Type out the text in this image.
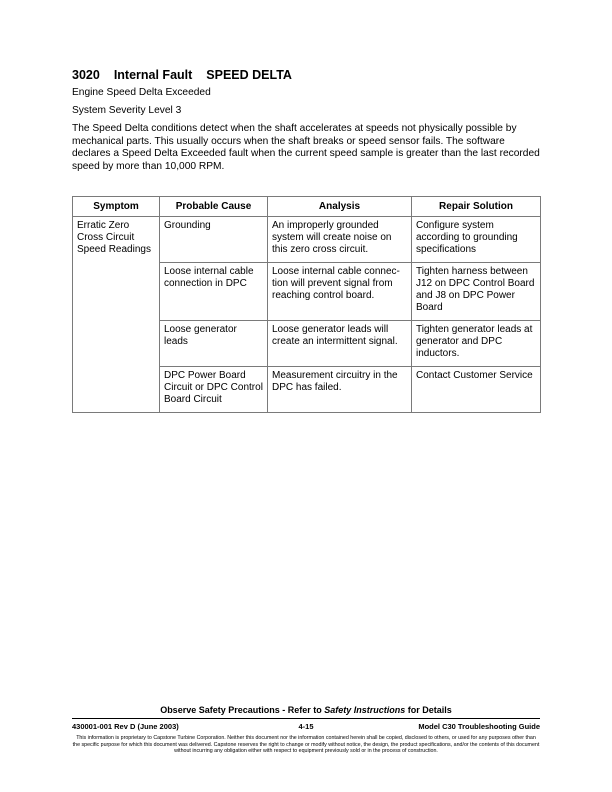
3020 Internal Fault SPEED DELTA

Engine Speed Delta Exceeded

System Severity Level 3

The Speed Delta conditions detect when the shaft accelerates at speeds not physically possible by mechanical parts. This usually occurs when the shaft breaks or speed sensor fails. The software declares a Speed Delta Exceeded fault when the current speed sample is greater than the last recorded speed by more than 10,000 RPM.

Symptom	Probable Cause	Analysis	Repair Solution
Erratic Zero Cross Circuit Speed Readings	Grounding	An improperly grounded system will create noise on this zero cross circuit.	Configure system according to grounding specifications
	Loose internal cable connection in DPC	Loose internal cable connec-tion will prevent signal from reaching control board.	Tighten harness between J12 on DPC Control Board and J8 on DPC Power Board
	Loose generator leads	Loose generator leads will create an intermittent signal.	Tighten generator leads at generator and DPC inductors.
	DPC Power Board Circuit or DPC Control Board Circuit	Measurement circuitry in the DPC has failed.	Contact Customer Service
Observe Safety Precautions - Refer to Safety Instructions for Details
4-15
430001-001 Rev D (June 2003)	Model C30 Troubleshooting Guide

This information is proprietary to Capstone Turbine Corporation. Neither this document nor the information contained herein shall be copied, disclosed to others, or used for any purposes other than the specific purpose for which this document was delivered. Capstone reserves the right to change or modify without notice, the design, the product specifications, and/or the contents of this document without incurring any obligation either with respect to equipment previously sold or in the process of construction.
